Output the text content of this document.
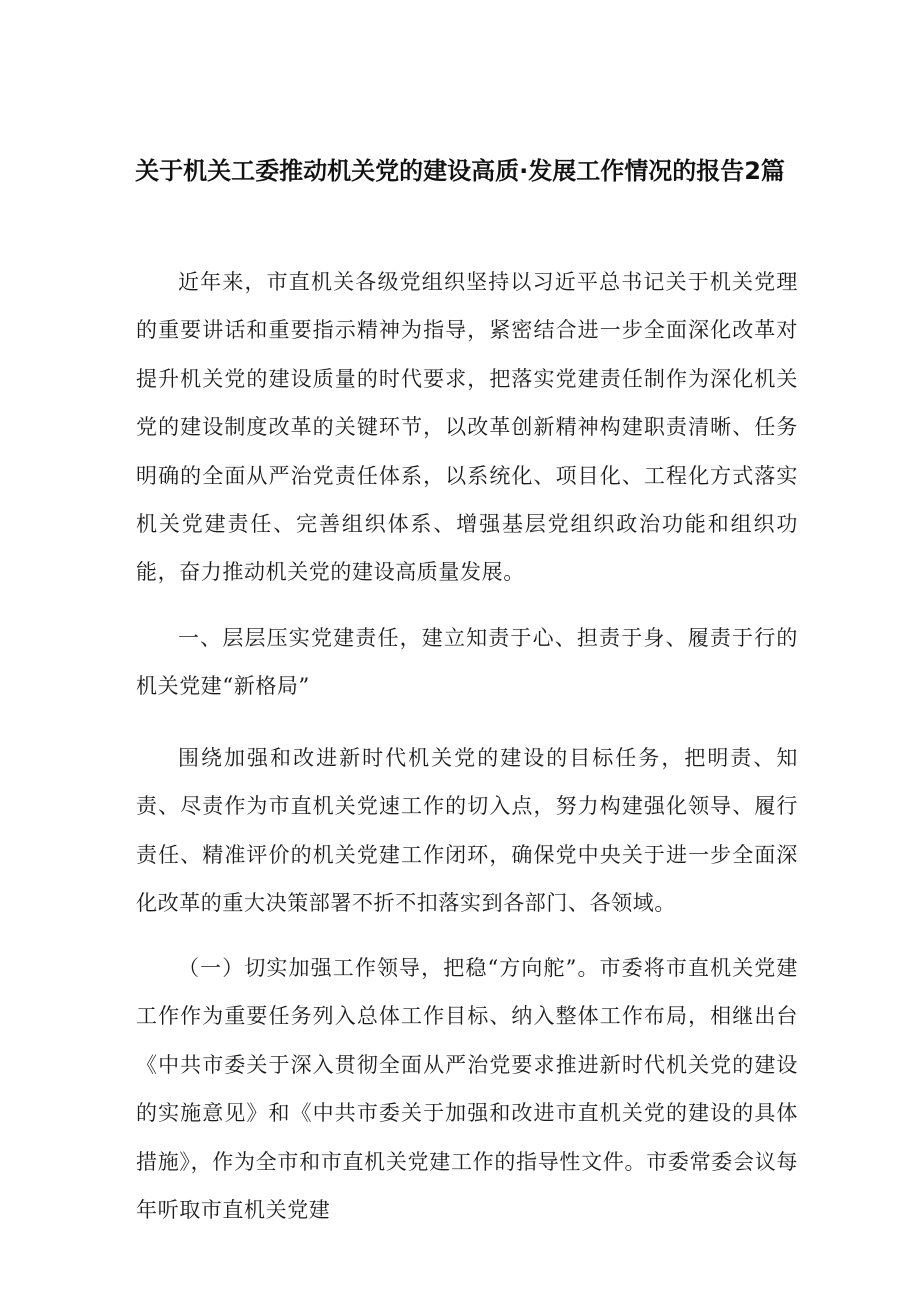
关于机关工委推动机关党的建设高质·发展工作情况的报告2篇

近年来，市直机关各级党组织坚持以习近平总书记关于机关党理的重要讲话和重要指示精神为指导，紧密结合进一步全面深化改革对提升机关党的建设质量的时代要求，把落实党建责任制作为深化机关党的建设制度改革的关键环节，以改革创新精神构建职责清晰、任务明确的全面从严治党责任体系，以系统化、项目化、工程化方式落实机关党建责任、完善组织体系、增强基层党组织政治功能和组织功能，奋力推动机关党的建设高质量发展。

一、层层压实党建责任，建立知责于心、担责于身、履责于行的机关党建“新格局”

围绕加强和改进新时代机关党的建设的目标任务，把明责、知责、尽责作为市直机关党速工作的切入点，努力构建强化领导、履行责任、精准评价的机关党建工作闭环，确保党中央关于进一步全面深化改革的重大决策部署不折不扣落实到各部门、各领域。

（一）切实加强工作领导，把稳“方向舵”。市委将市直机关党建工作作为重要任务列入总体工作目标、纳入整体工作布局，相继出台《中共市委关于深入贯彻全面从严治党要求推进新时代机关党的建设的实施意见》和《中共市委关于加强和改进市直机关党的建设的具体措施》，作为全市和市直机关党建工作的指导性文件。市委常委会议每年听取市直机关党建
